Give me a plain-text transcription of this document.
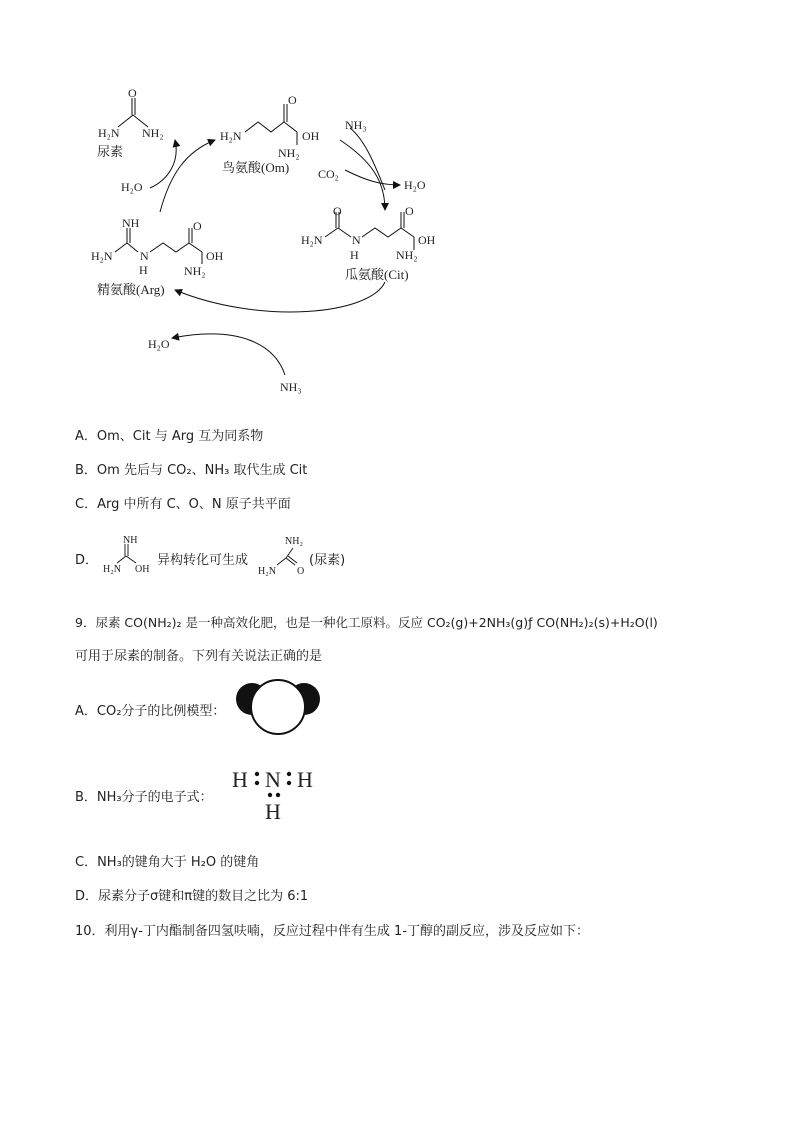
O
H₂N NH₂
尿素
O
H₂N	OH
NH₂
鸟氨酸(Om)
O	O
H₂N N
H
OH
NH₂
瓜氨酸(Cit)
NH	O
H₂N N
H
OH
NH₂
精氨酸(Arg)
NH₃
CO₂
H₂O
H₂O
H₂O
NH₃
A．Om、Cit 与 Arg 互为同系物
B．Om 先后与 CO₂、NH₃ 取代生成 Cit
C．Arg 中所有 C、O、N 原子共平面
D．
NH
H₂N OH
异构转化可生成
NH₂
H₂N O
(尿素)
9．尿素 CO(NH₂)₂ 是一种高效化肥，也是一种化工原料。反应 CO₂(g)+2NH₃(g)ƒ CO(NH₂)₂(s)+H₂O(l)
可用于尿素的制备。下列有关说法正确的是
A．CO₂分子的比例模型：
B．NH₃分子的电子式：
H N H
H
C．NH₃的键角大于 H₂O 的键角
D．尿素分子σ键和π键的数目之比为 6:1
10．利用γ-丁内酯制备四氢呋喃，反应过程中伴有生成 1-丁醇的副反应，涉及反应如下：
